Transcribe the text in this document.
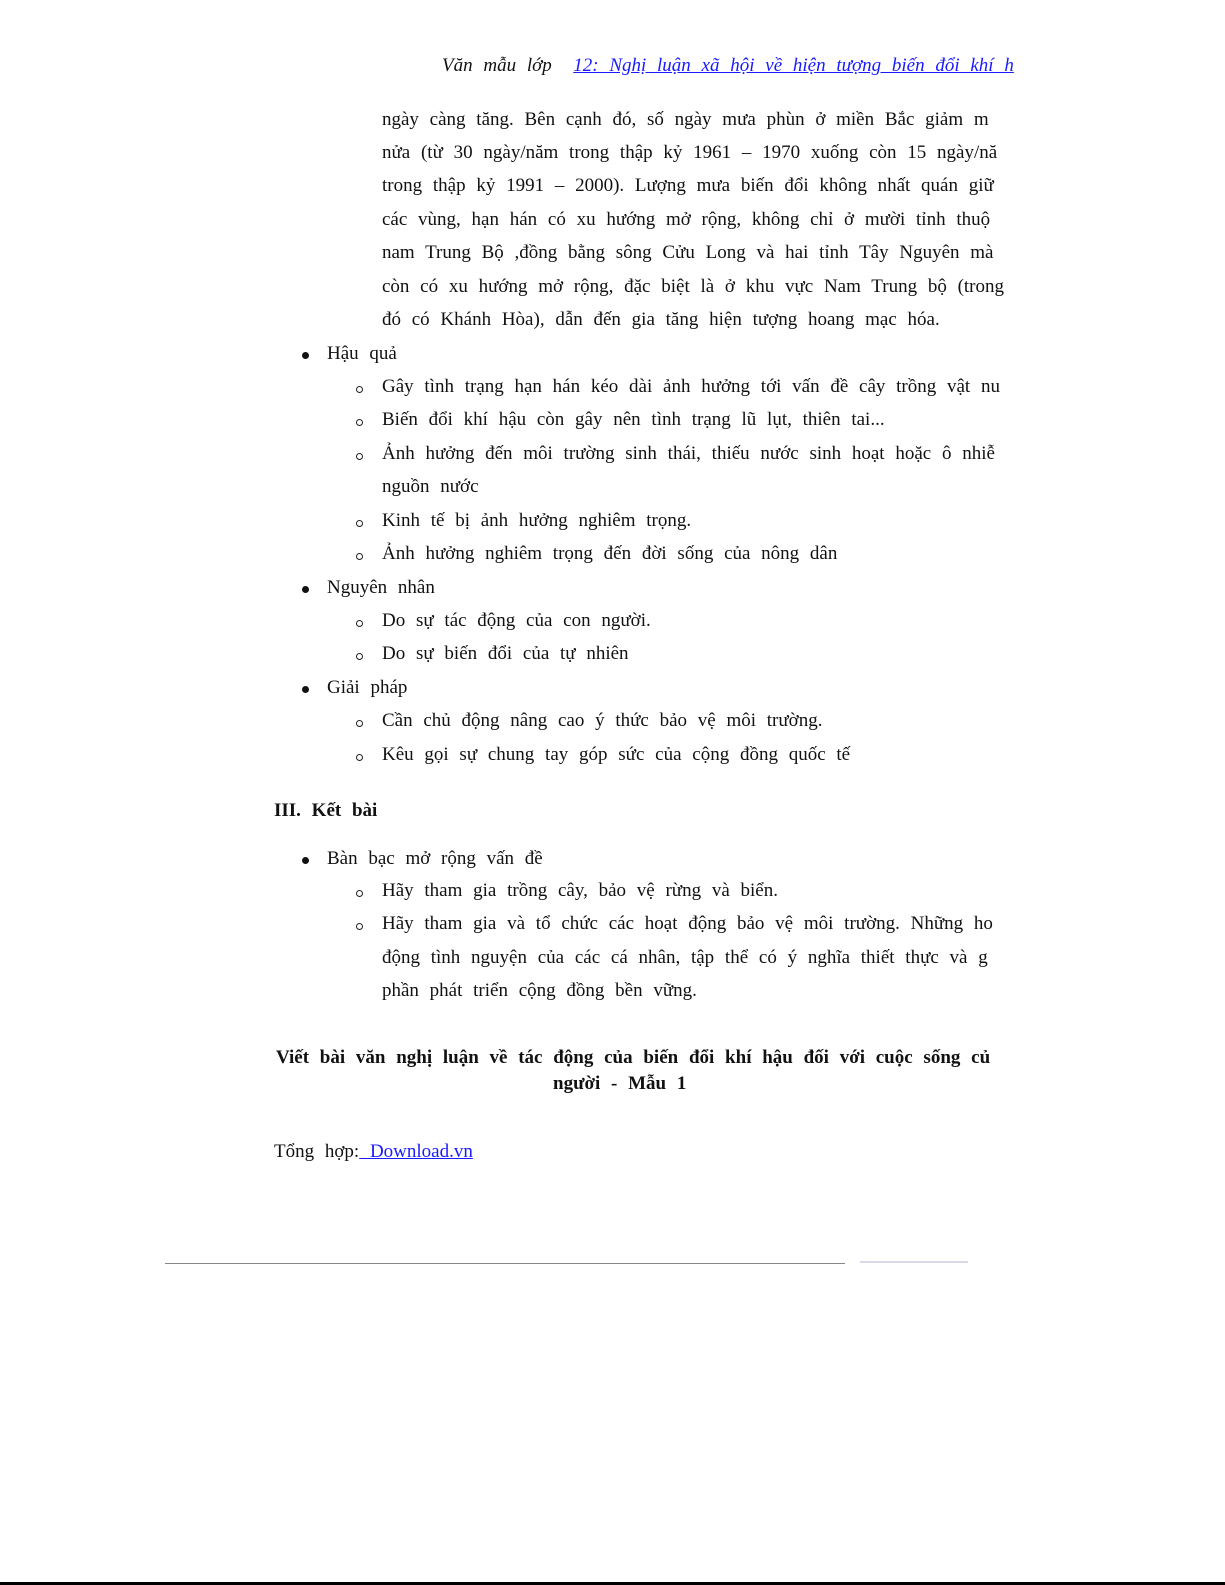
Văn mẫu lớp 12: Nghị luận xã hội về hiện tượng biến đổi khí h
ngày càng tăng. Bên cạnh đó, số ngày mưa phùn ở miền Bắc giảm m
nửa (từ 30 ngày/năm trong thập kỷ 1961 – 1970 xuống còn 15 ngày/nă
trong thập kỷ 1991 – 2000). Lượng mưa biến đổi không nhất quán giữ
các vùng, hạn hán có xu hướng mở rộng, không chỉ ở mười tỉnh thuộ
nam Trung Bộ ,đồng bằng sông Cửu Long và hai tỉnh Tây Nguyên mà
còn có xu hướng mở rộng, đặc biệt là ở khu vực Nam Trung bộ (trong
đó có Khánh Hòa), dẫn đến gia tăng hiện tượng hoang mạc hóa.
Hậu quả
Gây tình trạng hạn hán kéo dài ảnh hưởng tới vấn đề cây trồng vật nu
Biến đổi khí hậu còn gây nên tình trạng lũ lụt, thiên tai...
Ảnh hưởng đến môi trường sinh thái, thiếu nước sinh hoạt hoặc ô nhiễ
nguồn nước
Kinh tế bị ảnh hưởng nghiêm trọng.
Ảnh hưởng nghiêm trọng đến đời sống của nông dân
Nguyên nhân
Do sự tác động của con người.
Do sự biến đổi của tự nhiên
Giải pháp
Cần chủ động nâng cao ý thức bảo vệ môi trường.
Kêu gọi sự chung tay góp sức của cộng đồng quốc tế
III. Kết bài
Bàn bạc mở rộng vấn đề
Hãy tham gia trồng cây, bảo vệ rừng và biển.
Hãy tham gia và tổ chức các hoạt động bảo vệ môi trường. Những ho
động tình nguyện của các cá nhân, tập thể có ý nghĩa thiết thực và g
phần phát triển cộng đồng bền vững.
Viết bài văn nghị luận về tác động của biến đổi khí hậu đối với cuộc sống củ
người - Mẫu 1
Tổng hợp: Download.vn
